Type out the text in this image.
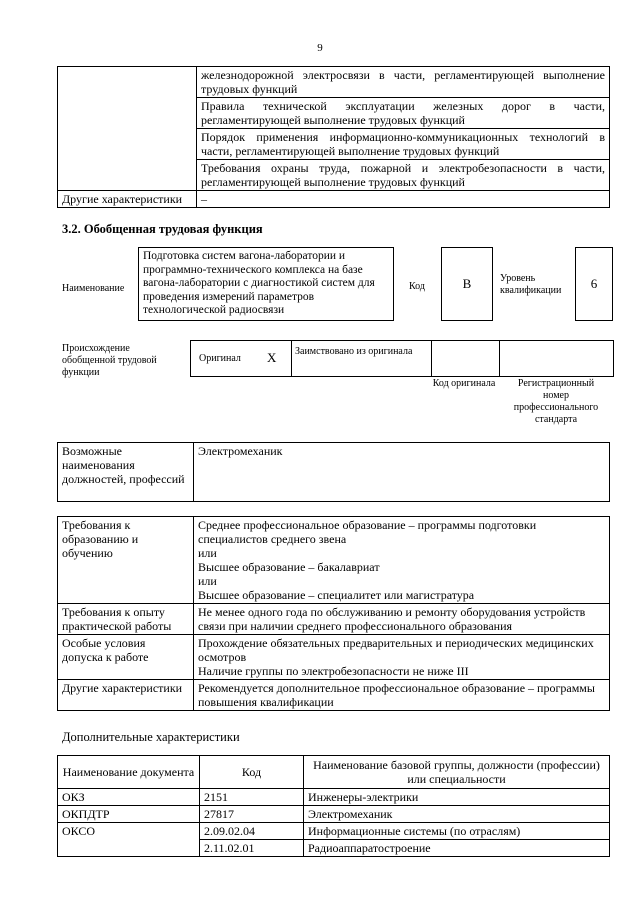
9
	железнодорожной электросвязи в части, регламентирующей выполнение трудовых функций
	Правила технической эксплуатации железных дорог в части, регламентирующей выполнение трудовых функций
	Порядок применения информационно-коммуникационных технологий в части, регламентирующей выполнение трудовых функций
	Требования охраны труда, пожарной и электробезопасности в части, регламентирующей выполнение трудовых функций
Другие характеристики	–
3.2. Обобщенная трудовая функция
Наименование
Подготовка систем вагона-лаборатории и программно-технического комплекса на базе вагона-лаборатории с диагностикой систем для проведения измерений параметров технологической радиосвязи
Код	B	Уровень квалификации	6
Происхождение обобщенной трудовой функции
Оригинал X Заимствовано из оригинала
Код оригинала	Регистрационный номер профессионального стандарта
Возможные наименования должностей, профессий	Электромеханик
Требования к образованию и обучению	Среднее профессиональное образование – программы подготовки специалистов среднего звена
или
Высшее образование – бакалавриат
или
Высшее образование – специалитет или магистратура

Требования к опыту практической работы	Не менее одного года по обслуживанию и ремонту оборудования устройств связи при наличии среднего профессионального образования

Особые условия допуска к работе	Прохождение обязательных предварительных и периодических медицинских осмотров
Наличие группы по электробезопасности не ниже III

Другие характеристики	Рекомендуется дополнительное профессиональное образование – программы повышения квалификации
Дополнительные характеристики
Наименование документа	Код	Наименование базовой группы, должности (профессии) или специальности
ОКЗ	2151	Инженеры-электрики
ОКПДТР	27817	Электромеханик
ОКСО	2.09.02.04	Информационные системы (по отраслям)
	2.11.02.01	Радиоаппаратостроение
